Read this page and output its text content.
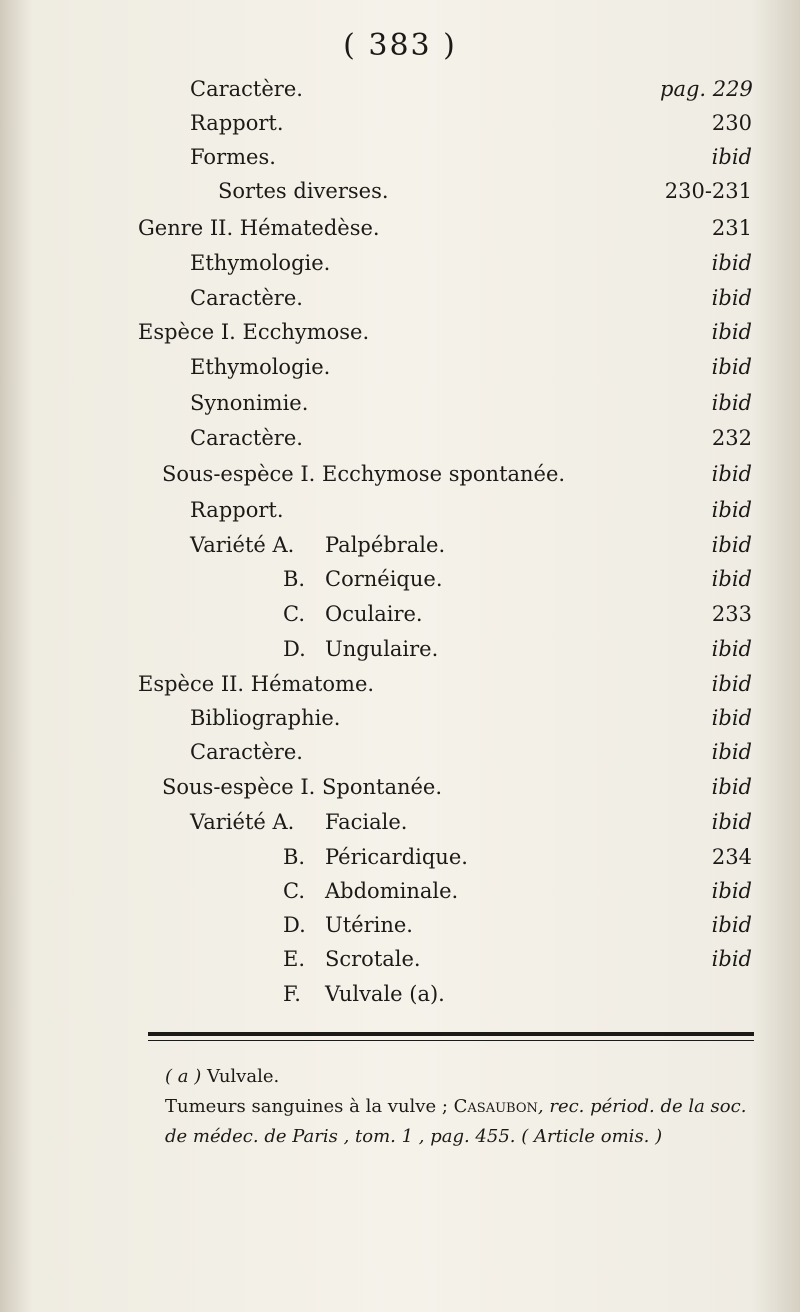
( 383 )
Caractère.	pag. 229
Rapport.	230
Formes.	ibid
Sortes diverses.	230-231
Genre II. Hématedèse.	231
Ethymologie.	ibid
Caractère.	ibid
Espèce I. Ecchymose.	ibid
Ethymologie.	ibid
Synonimie.	ibid
Caractère.	232
Sous-espèce I. Ecchymose spontanée.	ibid
Rapport.	ibid
Variété A. Palpébrale.	ibid
B. Cornéique.	ibid
C. Oculaire.	233
D. Ungulaire.	ibid
Espèce II. Hématome.	ibid
Bibliographie.	ibid
Caractère.	ibid
Sous-espèce I. Spontanée.	ibid
Variété A. Faciale.	ibid
B. Péricardique.	234
C. Abdominale.	ibid
D. Utérine.	ibid
E. Scrotale.	ibid
F. Vulvale (a).
( a ) Vulvale.
Tumeurs sanguines à la vulve ; Casaubon, rec. périod. de la soc. de médec. de Paris , tom. 1 , pag. 455. ( Article omis. )
